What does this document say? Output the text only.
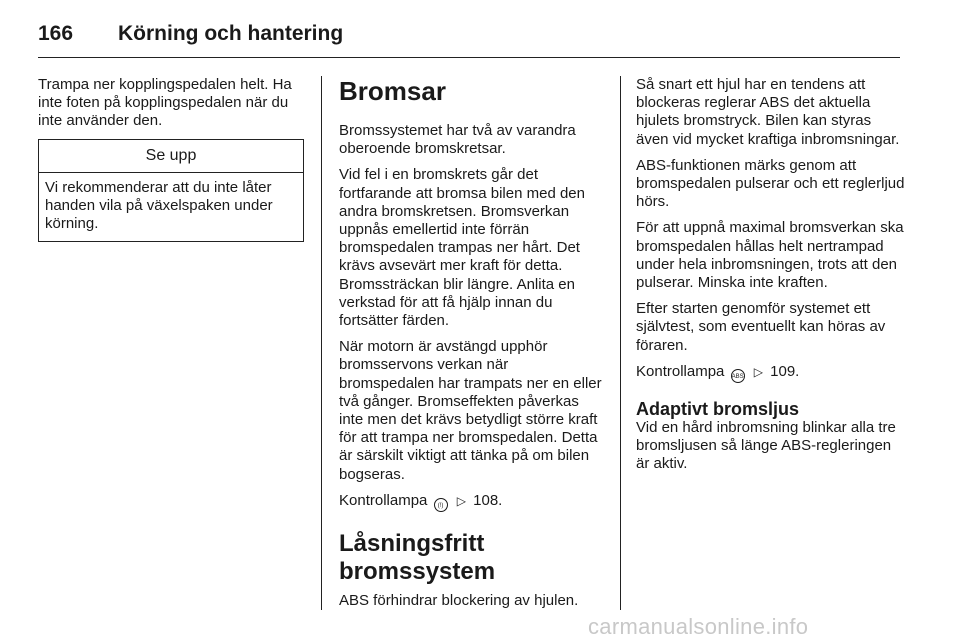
166	Körning och hantering

Trampa ner kopplingspedalen helt. Ha inte foten på kopplingspedalen när du inte använder den.

Se upp
Vi rekommenderar att du inte låter handen vila på växelspaken under körning.
Bromsar

Bromssystemet har två av varandra oberoende bromskretsar.

Vid fel i en bromskrets går det fortfarande att bromsa bilen med den andra bromskretsen. Bromsverkan uppnås emellertid inte förrän bromspedalen trampas ner hårt. Det krävs avsevärt mer kraft för detta. Bromssträckan blir längre. Anlita en verkstad för att få hjälp innan du fortsätter färden.

När motorn är avstängd upphör bromsservons verkan när bromspedalen har trampats ner en eller två gånger. Bromseffekten påverkas inte men det krävs betydligt större kraft för att trampa ner bromspedalen. Detta är särskilt viktigt att tänka på om bilen bogseras.

Kontrollampa (!) ▷ 108.

Låsningsfritt bromssystem

ABS förhindrar blockering av hjulen.

Så snart ett hjul har en tendens att blockeras reglerar ABS det aktuella hjulets bromstryck. Bilen kan styras även vid mycket kraftiga inbromsningar.

ABS-funktionen märks genom att bromspedalen pulserar och ett reglerljud hörs.

För att uppnå maximal bromsverkan ska bromspedalen hållas helt nertrampad under hela inbromsningen, trots att den pulserar. Minska inte kraften.

Efter starten genomför systemet ett självtest, som eventuellt kan höras av föraren.

Kontrollampa ABS ▷ 109.

Adaptivt bromsljus

Vid en hård inbromsning blinkar alla tre bromsljusen så länge ABS-regleringen är aktiv.

carmanualsonline.info
